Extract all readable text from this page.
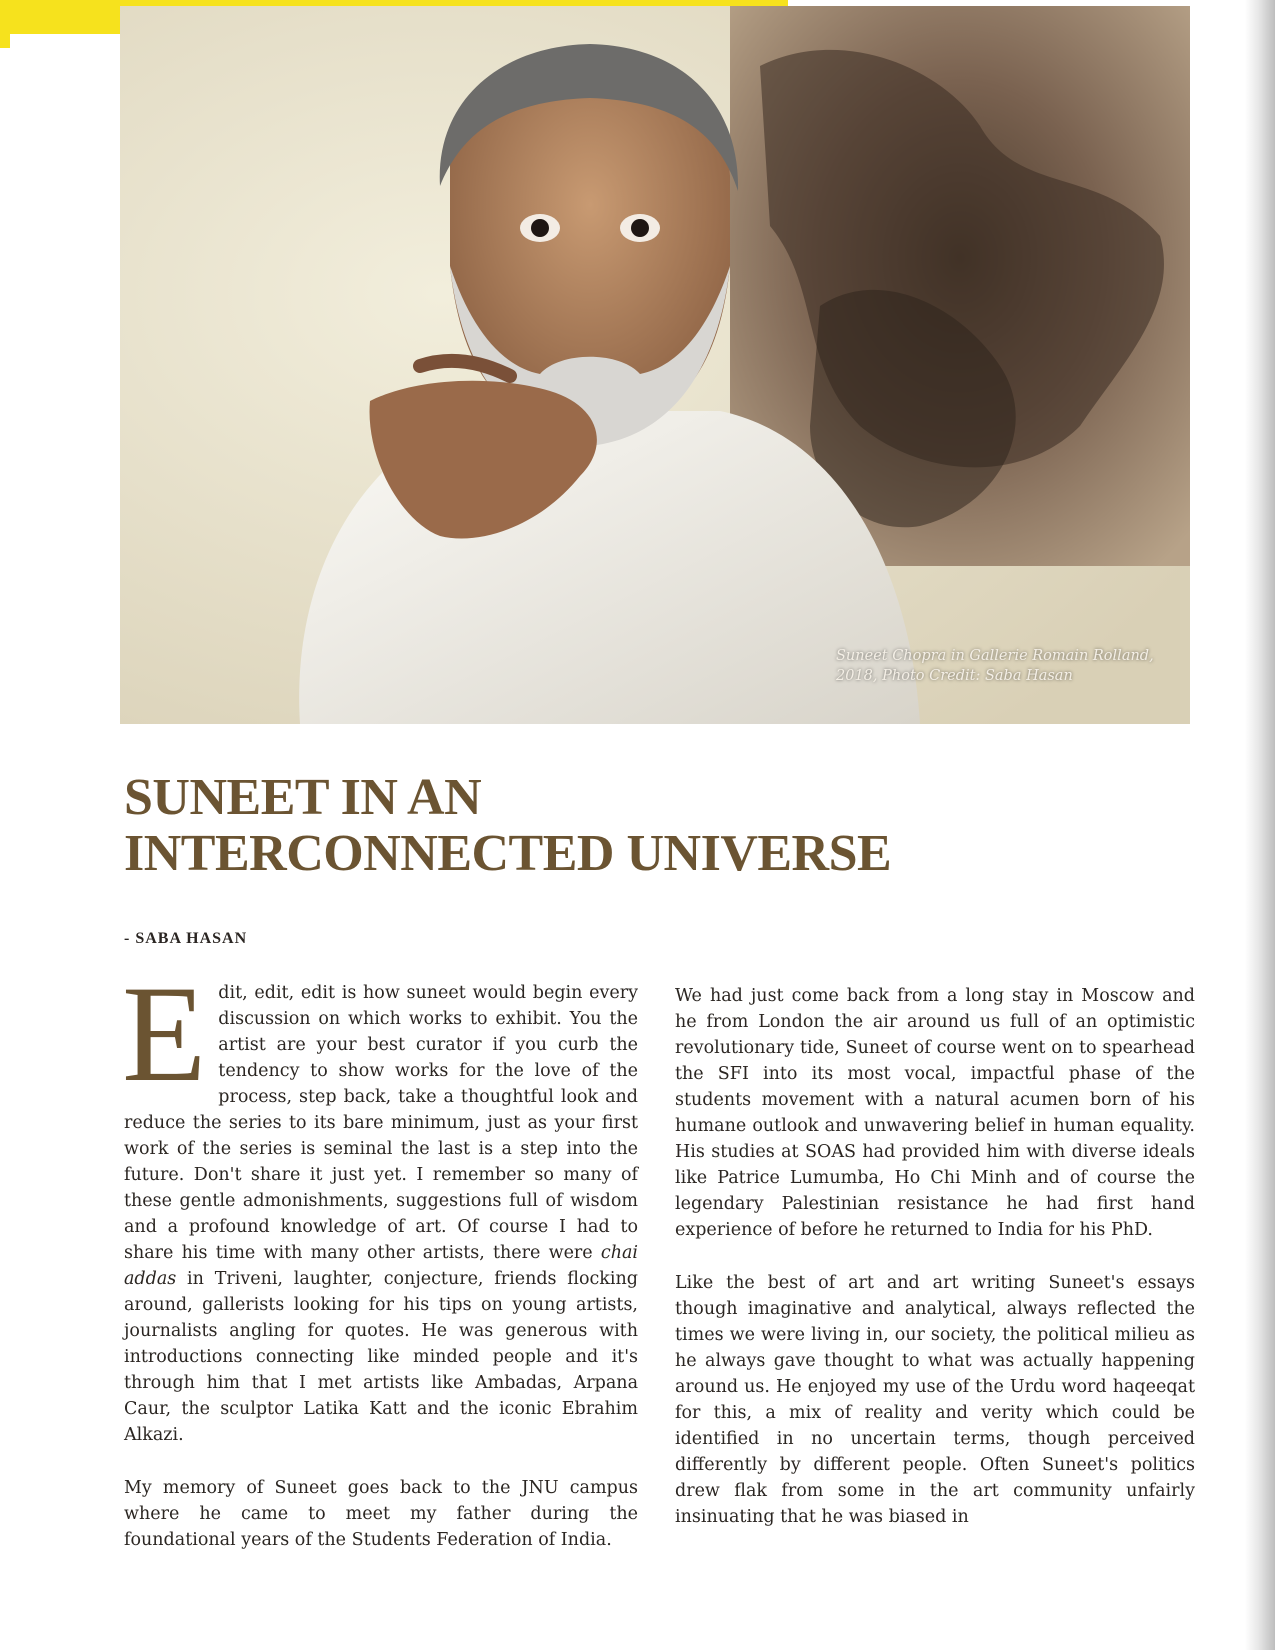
Suneet Chopra in Gallerie Romain Rolland,
2018, Photo Credit: Saba Hasan
SUNEET IN AN
INTERCONNECTED UNIVERSE
- SABA HASAN

Edit, edit, edit is how suneet would begin every discussion on which works to exhibit. You the artist are your best curator if you curb the tendency to show works for the love of the process, step back, take a thoughtful look and reduce the series to its bare minimum, just as your first work of the series is seminal the last is a step into the future. Don't share it just yet. I remember so many of these gentle admonishments, suggestions full of wisdom and a profound knowledge of art. Of course I had to share his time with many other artists, there were chai addas in Triveni, laughter, conjecture, friends flocking around, gallerists looking for his tips on young artists, journalists angling for quotes. He was generous with introductions connecting like minded people and it's through him that I met artists like Ambadas, Arpana Caur, the sculptor Latika Katt and the iconic Ebrahim Alkazi.

My memory of Suneet goes back to the JNU campus where he came to meet my father during the foundational years of the Students Federation of India.

We had just come back from a long stay in Moscow and he from London the air around us full of an optimistic revolutionary tide, Suneet of course went on to spearhead the SFI into its most vocal, impactful phase of the students movement with a natural acumen born of his humane outlook and unwavering belief in human equality. His studies at SOAS had provided him with diverse ideals like Patrice Lumumba, Ho Chi Minh and of course the legendary Palestinian resistance he had first hand experience of before he returned to India for his PhD.

Like the best of art and art writing Suneet's essays though imaginative and analytical, always reflected the times we were living in, our society, the political milieu as he always gave thought to what was actually happening around us. He enjoyed my use of the Urdu word haqeeqat for this, a mix of reality and verity which could be identified in no uncertain terms, though perceived differently by different people. Often Suneet's politics drew flak from some in the art community unfairly insinuating that he was biased in
